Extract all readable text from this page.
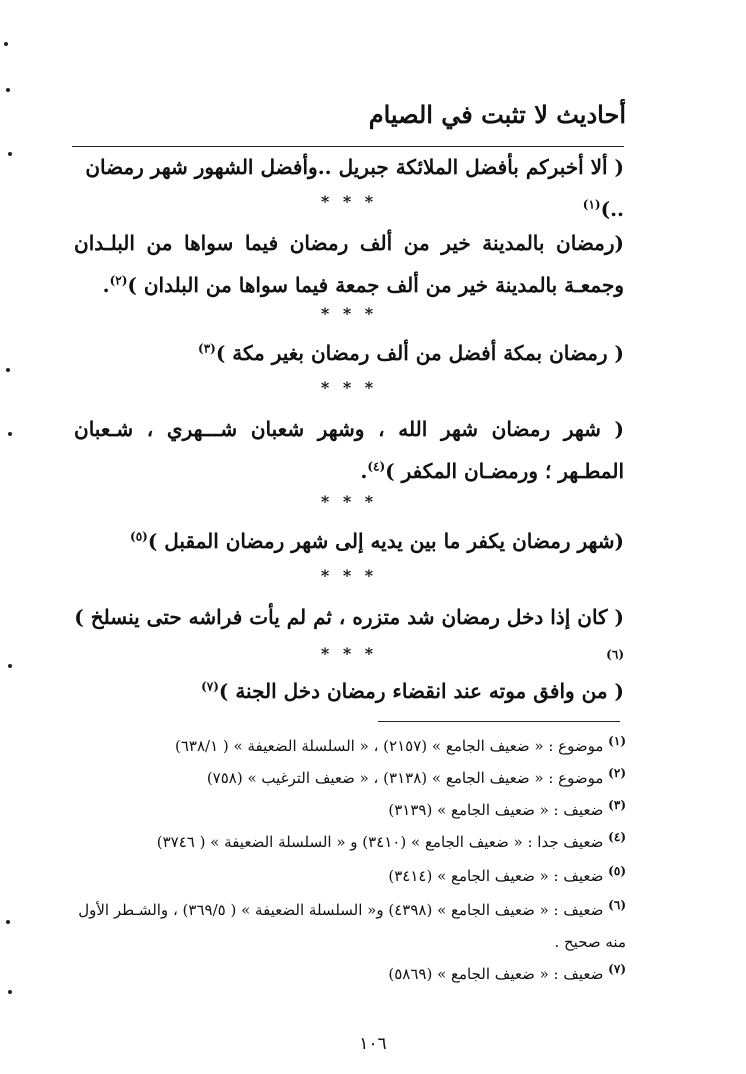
أحاديث لا تثبت في الصيام
( ألا أخبركم بأفضل الملائكة جبريل ..وأفضل الشهور شهر رمضان ..)$^{(١)}$
* * *
(رمضان بالمدينة خير من ألف رمضان فيما سواها من البلـدان وجمعـة بالمدينة خير من ألف جمعة فيما سواها من البلدان )$^{(٢)}$.
* * *
( رمضان بمكة أفضل من ألف رمضان بغير مكة )$^{(٣)}$
* * *
( شهر رمضان شهر الله ، وشهر شعبان شـــهري ، شـعبان المطـهر ؛ ورمضـان المكفر )$^{(٤)}$.
* * *
(شهر رمضان يكفر ما بين يديه إلى شهر رمضان المقبل )$^{(٥)}$
* * *
( كان إذا دخل رمضان شد متزره ، ثم لم يأت فراشه حتى ينسلخ )$^{(٦)}$
* * *
( من وافق موته عند انقضاء رمضان دخل الجنة )$^{(٧)}$
$^{(١)}$ موضوع : « ضعيف الجامع » (٢١٥٧) ، « السلسلة الضعيفة » ( ٦٣٨/١)
$^{(٢)}$ موضوع : « ضعيف الجامع » (٣١٣٨) ، « ضعيف الترغيب » (٧٥٨)
$^{(٣)}$ ضعيف : « ضعيف الجامع » (٣١٣٩)
$^{(٤)}$ ضعيف جدا : « ضعيف الجامع » (٣٤١٠) و « السلسلة الضعيفة » ( ٣٧٤٦)
$^{(٥)}$ ضعيف : « ضعيف الجامع » (٣٤١٤)
$^{(٦)}$ ضعيف : « ضعيف الجامع » (٤٣٩٨) و« السلسلة الضعيفة » ( ٣٦٩/٥) ، والشـطر الأول منه صحيح .
$^{(٧)}$ ضعيف : « ضعيف الجامع » (٥٨٦٩)
١٠٦
